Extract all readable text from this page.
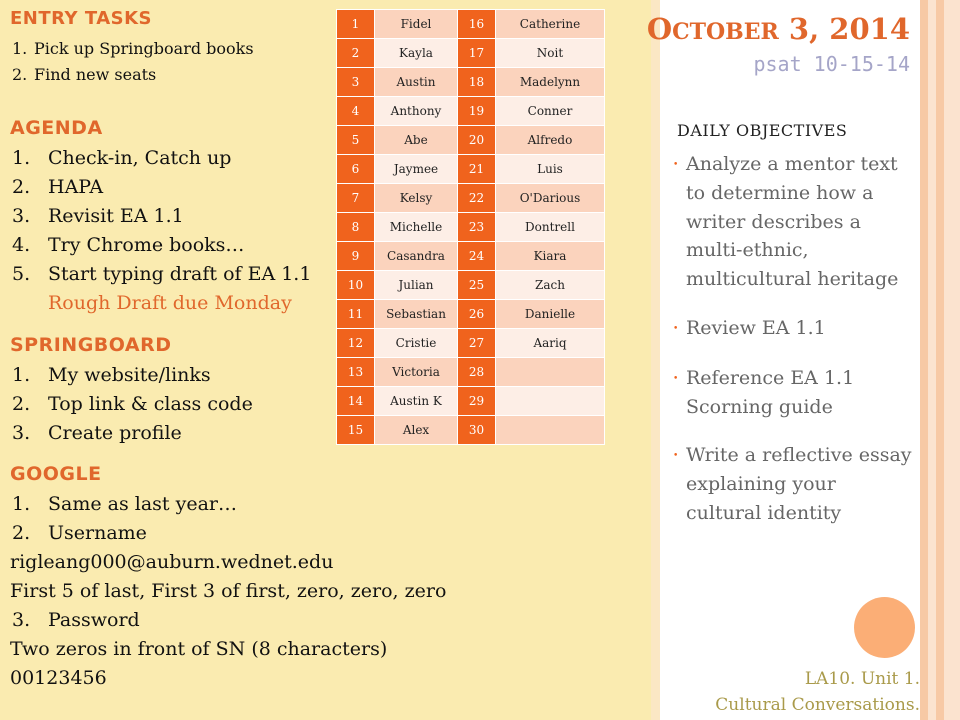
ENTRY TASKS
1. Pick up Springboard books
2. Find new seats
AGENDA
1. Check-in, Catch up
2. HAPA
3. Revisit EA 1.1
4. Try Chrome books…
5. Start typing draft of EA 1.1
Rough Draft due Monday
SPRINGBOARD
1. My website/links
2. Top link & class code
3. Create profile
GOOGLE
1. Same as last year…
2. Username
rigleang000@auburn.wednet.edu
First 5 of last, First 3 of first, zero, zero, zero
3. Password
Two zeros in front of SN (8 characters)
00123456
1	Fidel	16	Catherine
2	Kayla	17	Noit
3	Austin	18	Madelynn
4	Anthony	19	Conner
5	Abe	20	Alfredo
6	Jaymee	21	Luis
7	Kelsy	22	O'Darious
8	Michelle	23	Dontrell
9	Casandra	24	Kiara
10	Julian	25	Zach
11	Sebastian	26	Danielle
12	Cristie	27	Aariq
13	Victoria	28	
14	Austin K	29	
15	Alex	30	
OCTOBER 3, 2014
psat 10-15-14
DAILY OBJECTIVES
• Analyze a mentor text to determine how a writer describes a multi-ethnic, multicultural heritage
• Review EA 1.1
• Reference EA 1.1 Scorning guide
• Write a reflective essay explaining your cultural identity
LA10. Unit 1.
Cultural Conversations.
